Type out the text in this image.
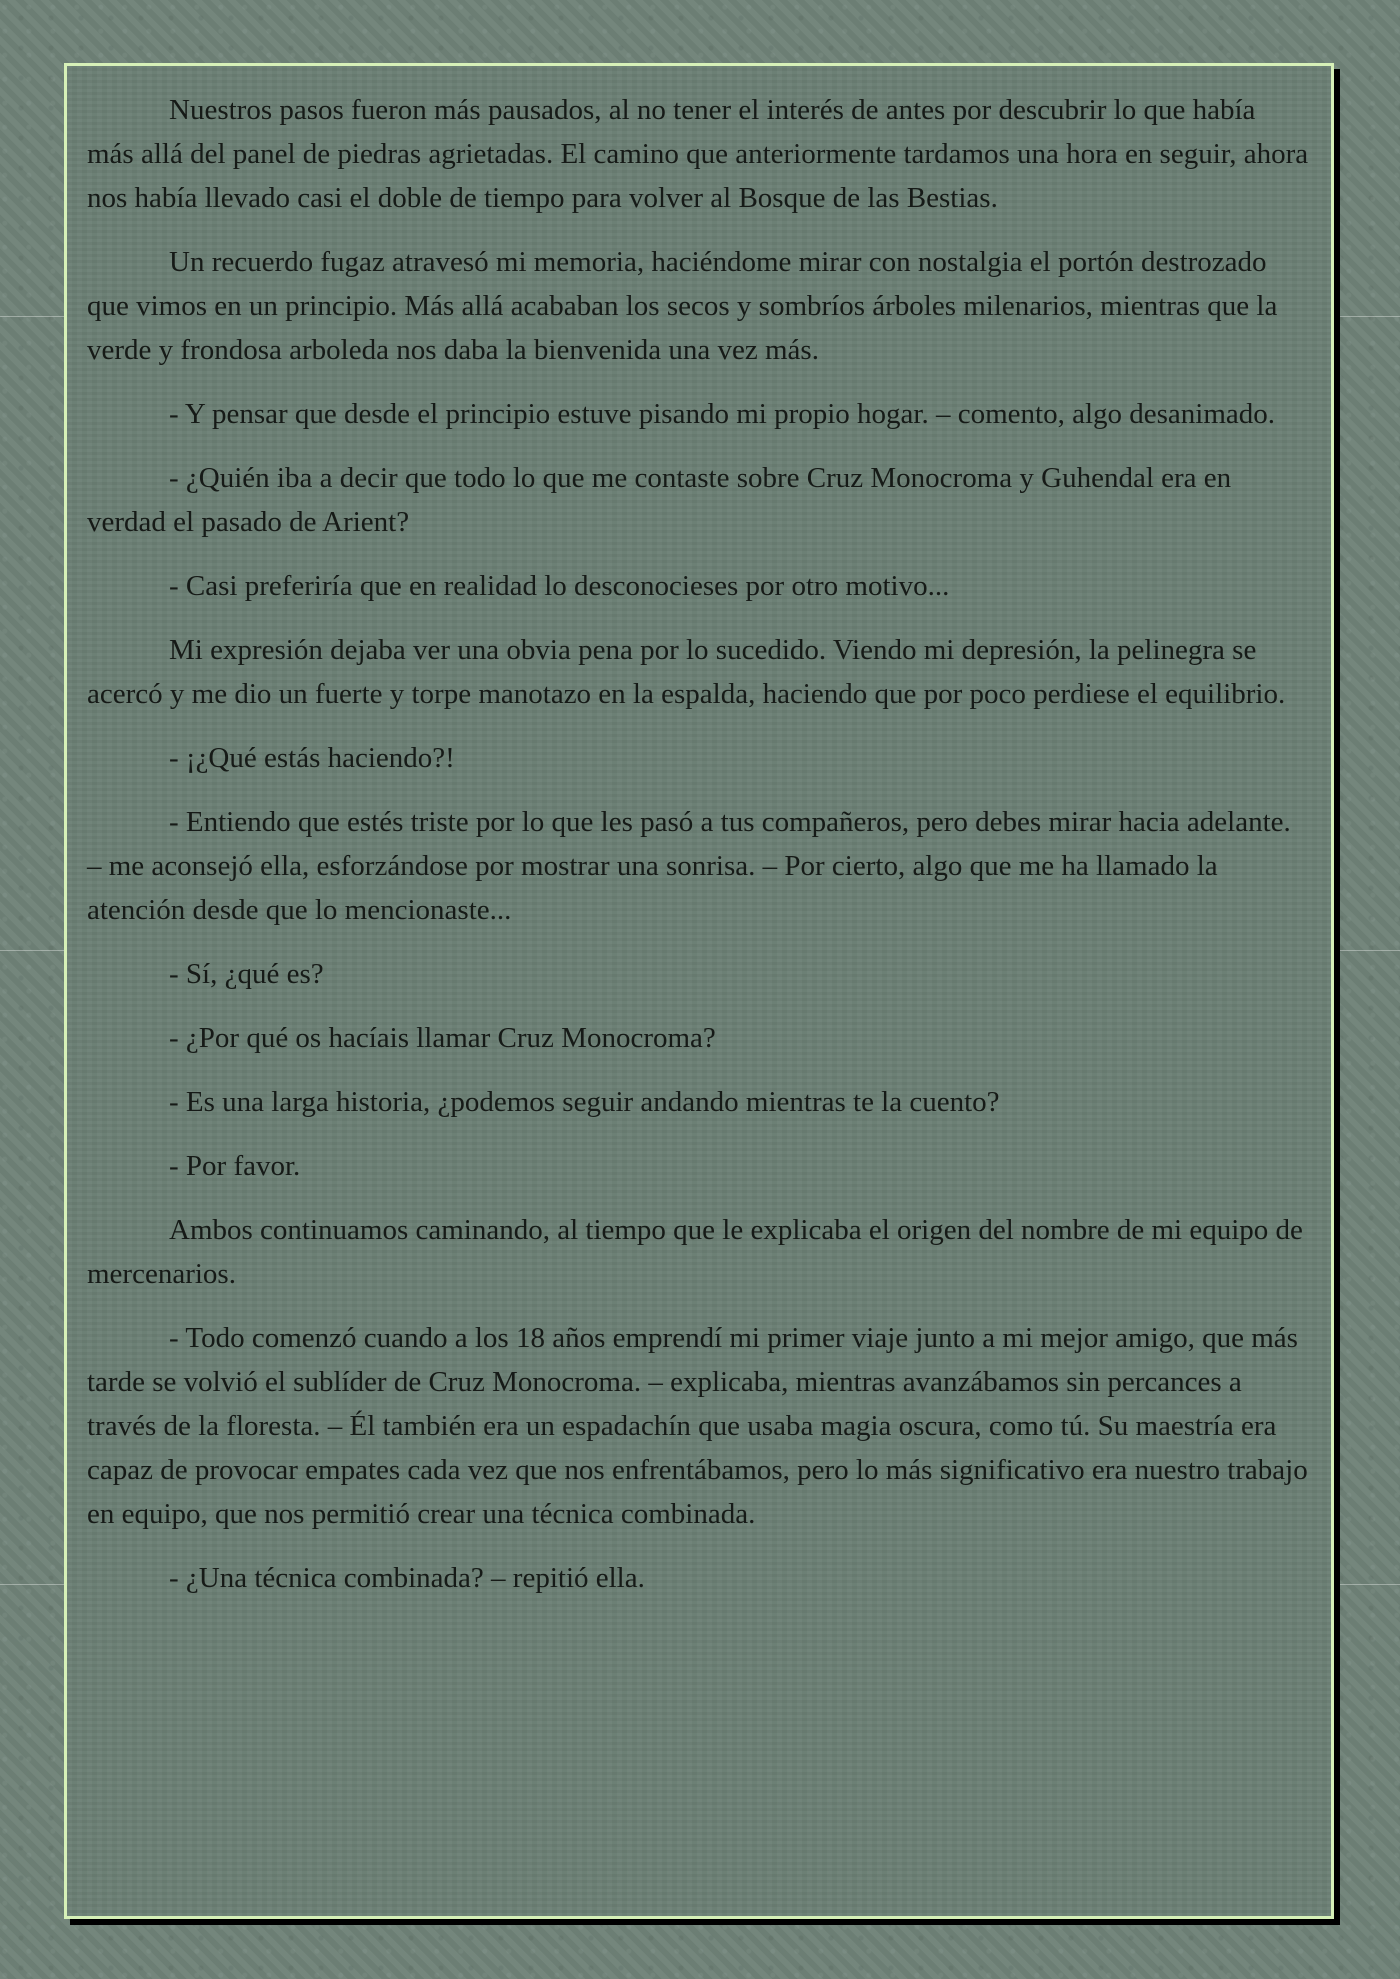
Nuestros pasos fueron más pausados, al no tener el interés de antes por descubrir lo que había más allá del panel de piedras agrietadas. El camino que anteriormente tardamos una hora en seguir, ahora nos había llevado casi el doble de tiempo para volver al Bosque de las Bestias.

Un recuerdo fugaz atravesó mi memoria, haciéndome mirar con nostalgia el portón destrozado que vimos en un principio. Más allá acababan los secos y sombríos árboles milenarios, mientras que la verde y frondosa arboleda nos daba la bienvenida una vez más.

- Y pensar que desde el principio estuve pisando mi propio hogar. – comento, algo desanimado.

- ¿Quién iba a decir que todo lo que me contaste sobre Cruz Monocroma y Guhendal era en verdad el pasado de Arient?

- Casi preferiría que en realidad lo desconocieses por otro motivo...

Mi expresión dejaba ver una obvia pena por lo sucedido. Viendo mi depresión, la pelinegra se acercó y me dio un fuerte y torpe manotazo en la espalda, haciendo que por poco perdiese el equilibrio.

- ¡¿Qué estás haciendo?!

- Entiendo que estés triste por lo que les pasó a tus compañeros, pero debes mirar hacia adelante. – me aconsejó ella, esforzándose por mostrar una sonrisa. – Por cierto, algo que me ha llamado la atención desde que lo mencionaste...

- Sí, ¿qué es?

- ¿Por qué os hacíais llamar Cruz Monocroma?

- Es una larga historia, ¿podemos seguir andando mientras te la cuento?

- Por favor.

Ambos continuamos caminando, al tiempo que le explicaba el origen del nombre de mi equipo de mercenarios.

- Todo comenzó cuando a los 18 años emprendí mi primer viaje junto a mi mejor amigo, que más tarde se volvió el sublíder de Cruz Monocroma. – explicaba, mientras avanzábamos sin percances a través de la floresta. – Él también era un espadachín que usaba magia oscura, como tú. Su maestría era capaz de provocar empates cada vez que nos enfrentábamos, pero lo más significativo era nuestro trabajo en equipo, que nos permitió crear una técnica combinada.

- ¿Una técnica combinada? – repitió ella.
